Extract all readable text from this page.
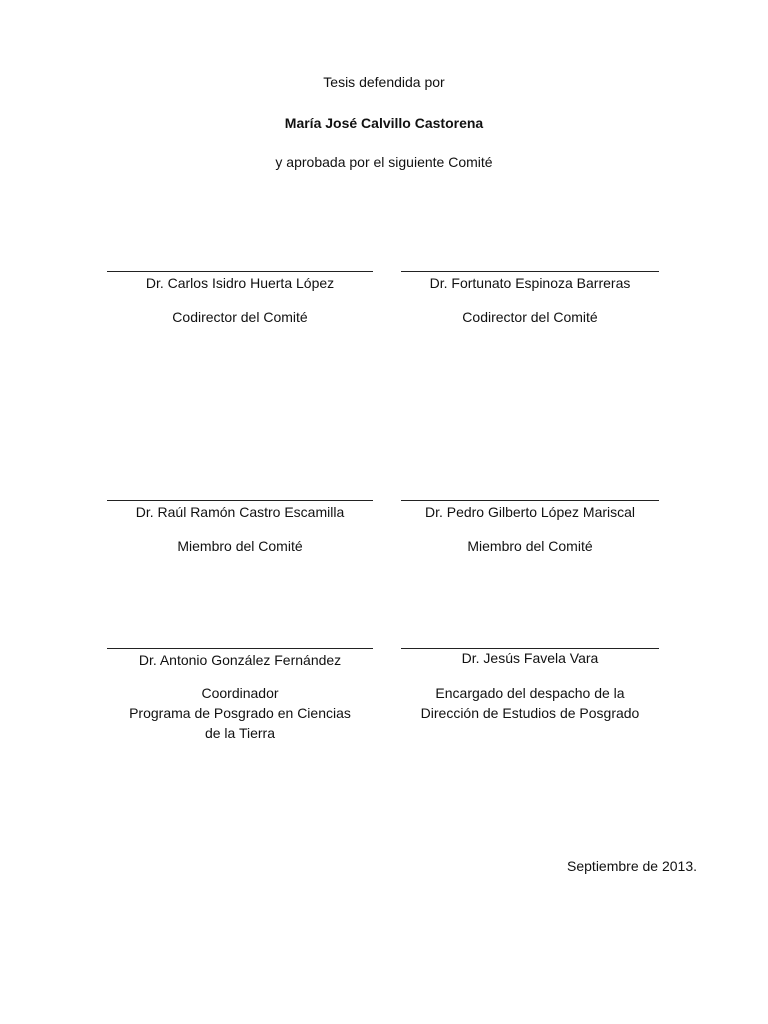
Tesis defendida por
María José Calvillo Castorena
y aprobada por el siguiente Comité
Dr. Carlos Isidro Huerta López
Codirector del Comité
Dr. Fortunato Espinoza Barreras
Codirector del Comité
Dr. Raúl Ramón Castro Escamilla
Miembro del Comité
Dr. Pedro Gilberto López Mariscal
Miembro del Comité
Dr. Antonio González Fernández
Coordinador
Programa de Posgrado en Ciencias
de la Tierra
Dr. Jesús Favela Vara
Encargado del despacho de la
Dirección de Estudios de Posgrado
Septiembre de 2013.
